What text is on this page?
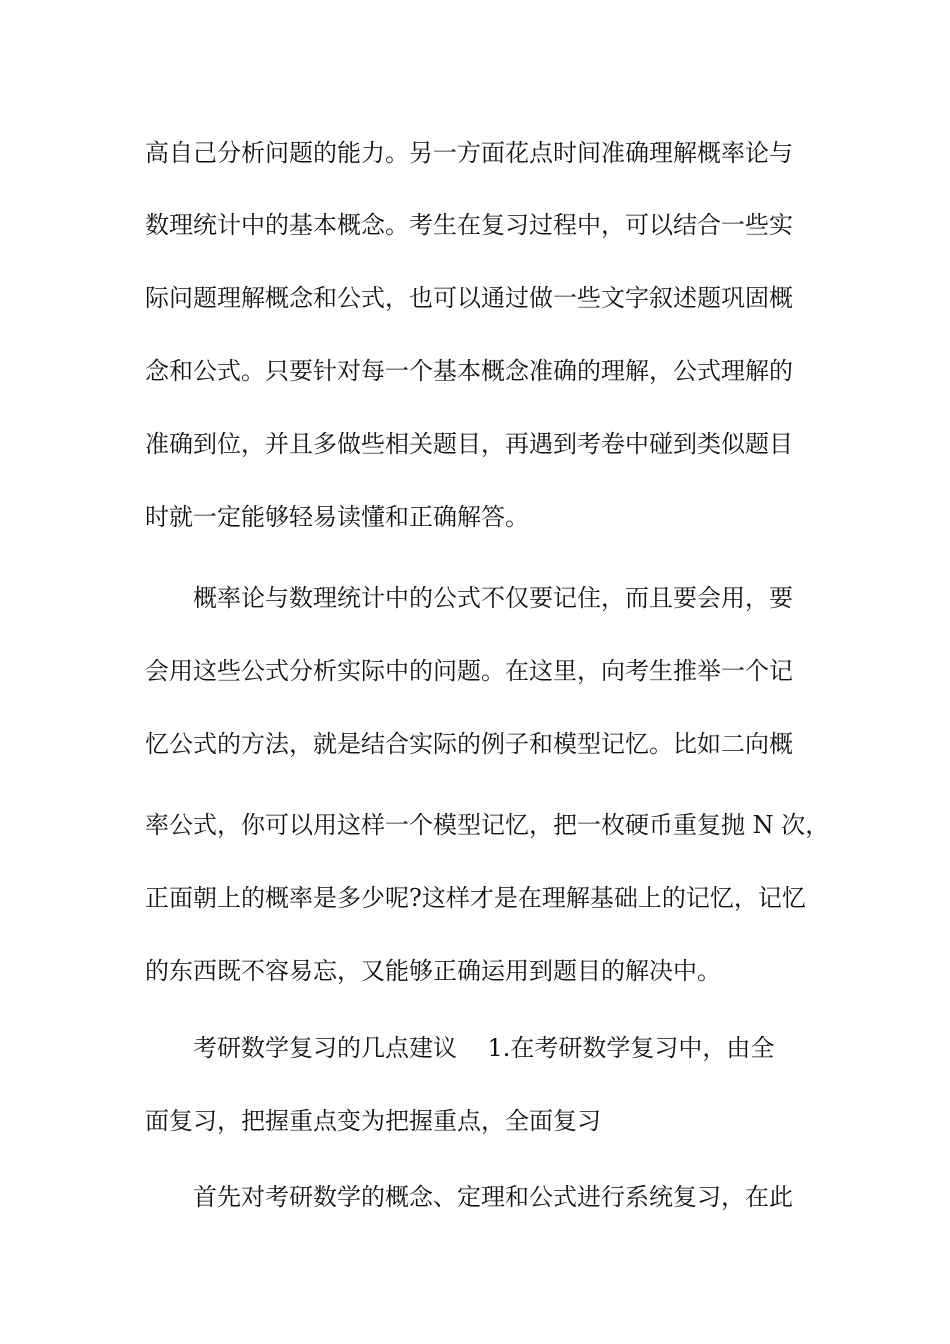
高自己分析问题的能力。另一方面花点时间准确理解概率论与
数理统计中的基本概念。考生在复习过程中，可以结合一些实
际问题理解概念和公式，也可以通过做一些文字叙述题巩固概
念和公式。只要针对每一个基本概念准确的理解，公式理解的
准确到位，并且多做些相关题目，再遇到考卷中碰到类似题目
时就一定能够轻易读懂和正确解答。
概率论与数理统计中的公式不仅要记住，而且要会用，要
会用这些公式分析实际中的问题。在这里，向考生推举一个记
忆公式的方法，就是结合实际的例子和模型记忆。比如二向概
率公式，你可以用这样一个模型记忆，把一枚硬币重复抛 N 次，
正面朝上的概率是多少呢?这样才是在理解基础上的记忆，记忆
的东西既不容易忘，又能够正确运用到题目的解决中。
考研数学复习的几点建议    1.在考研数学复习中，由全
面复习，把握重点变为把握重点，全面复习
首先对考研数学的概念、定理和公式进行系统复习，在此
